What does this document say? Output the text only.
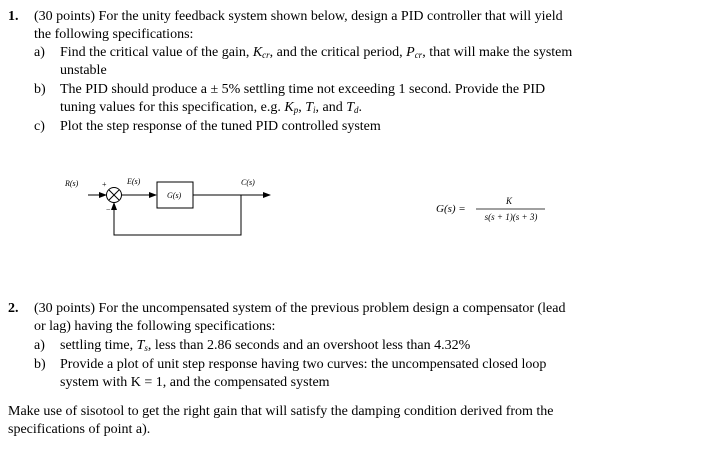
1. (30 points) For the unity feedback system shown below, design a PID controller that will yield
the following specifications:
a) Find the critical value of the gain, $K_{cr}$, and the critical period, $P_{cr}$, that will make the system
unstable
b) The PID should produce a ± 5% settling time not exceeding 1 second. Provide the PID
tuning values for this specification, e.g. $K_p$, $T_i$, and $T_d$.
c) Plot the step response of the tuned PID controlled system
R(s)	+
−
E(s)
G(s)
C(s)
G(s) =
K
s(s + 1)(s + 3)
2. (30 points) For the uncompensated system of the previous problem design a compensator (lead
or lag) having the following specifications:
a) settling time, $T_s$, less than 2.86 seconds and an overshoot less than 4.32%
b) Provide a plot of unit step response having two curves: the uncompensated closed loop
system with K = 1, and the compensated system
Make use of sisotool to get the right gain that will satisfy the damping condition derived from the
specifications of point a).
